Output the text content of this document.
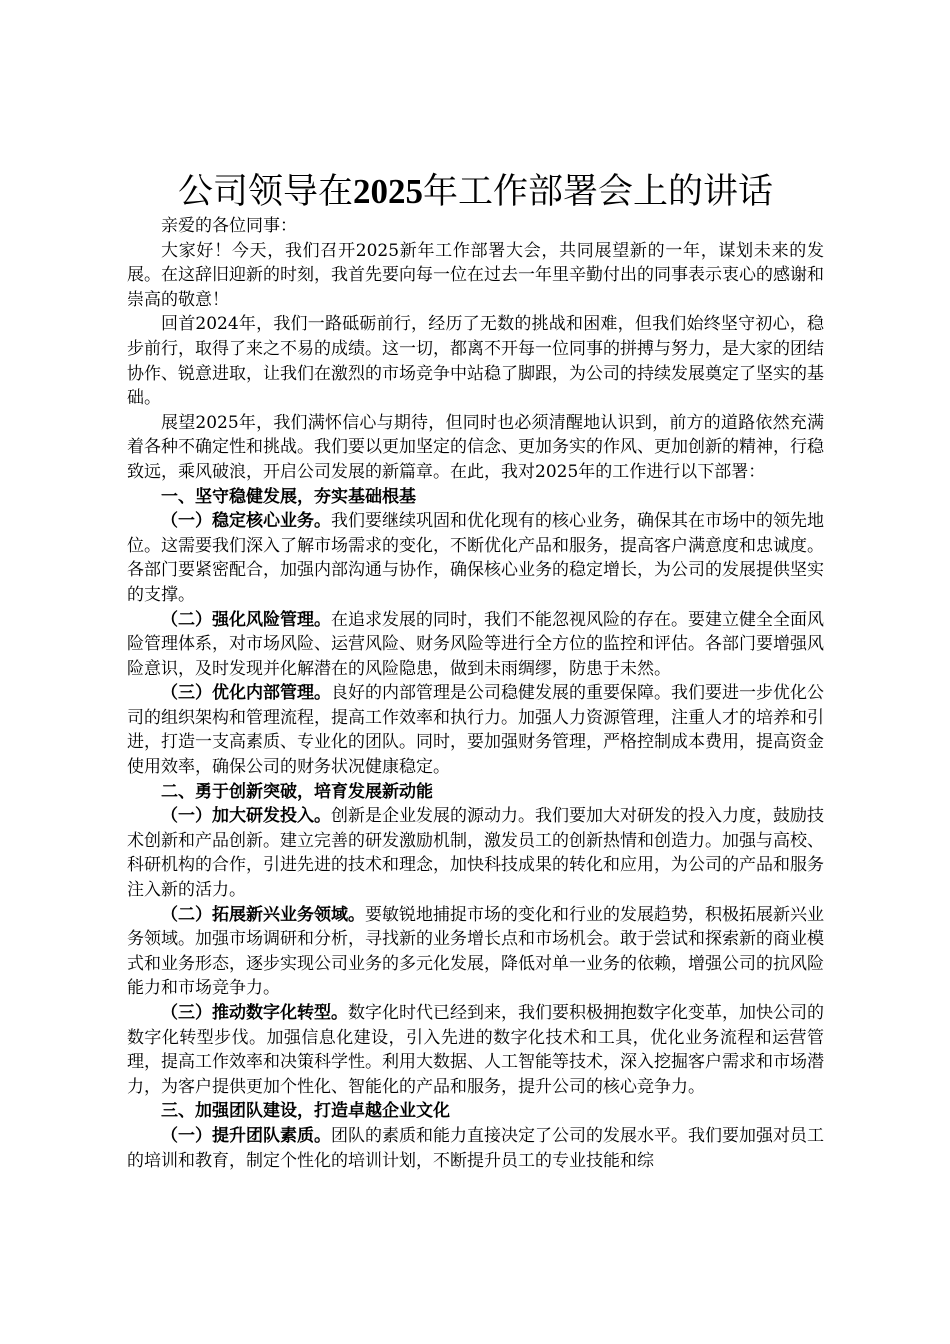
公司领导在2025年工作部署会上的讲话

亲爱的各位同事：

大家好！今天，我们召开2025新年工作部署大会，共同展望新的一年，谋划未来的发展。在这辞旧迎新的时刻，我首先要向每一位在过去一年里辛勤付出的同事表示衷心的感谢和崇高的敬意！

回首2024年，我们一路砥砺前行，经历了无数的挑战和困难，但我们始终坚守初心，稳步前行，取得了来之不易的成绩。这一切，都离不开每一位同事的拼搏与努力，是大家的团结协作、锐意进取，让我们在激烈的市场竞争中站稳了脚跟，为公司的持续发展奠定了坚实的基础。

展望2025年，我们满怀信心与期待，但同时也必须清醒地认识到，前方的道路依然充满着各种不确定性和挑战。我们要以更加坚定的信念、更加务实的作风、更加创新的精神，行稳致远，乘风破浪，开启公司发展的新篇章。在此，我对2025年的工作进行以下部署：

一、坚守稳健发展，夯实基础根基

（一）稳定核心业务。我们要继续巩固和优化现有的核心业务，确保其在市场中的领先地位。这需要我们深入了解市场需求的变化，不断优化产品和服务，提高客户满意度和忠诚度。各部门要紧密配合，加强内部沟通与协作，确保核心业务的稳定增长，为公司的发展提供坚实的支撑。

（二）强化风险管理。在追求发展的同时，我们不能忽视风险的存在。要建立健全全面风险管理体系，对市场风险、运营风险、财务风险等进行全方位的监控和评估。各部门要增强风险意识，及时发现并化解潜在的风险隐患，做到未雨绸缪，防患于未然。

（三）优化内部管理。良好的内部管理是公司稳健发展的重要保障。我们要进一步优化公司的组织架构和管理流程，提高工作效率和执行力。加强人力资源管理，注重人才的培养和引进，打造一支高素质、专业化的团队。同时，要加强财务管理，严格控制成本费用，提高资金使用效率，确保公司的财务状况健康稳定。

二、勇于创新突破，培育发展新动能

（一）加大研发投入。创新是企业发展的源动力。我们要加大对研发的投入力度，鼓励技术创新和产品创新。建立完善的研发激励机制，激发员工的创新热情和创造力。加强与高校、科研机构的合作，引进先进的技术和理念，加快科技成果的转化和应用，为公司的产品和服务注入新的活力。

（二）拓展新兴业务领域。要敏锐地捕捉市场的变化和行业的发展趋势，积极拓展新兴业务领域。加强市场调研和分析，寻找新的业务增长点和市场机会。敢于尝试和探索新的商业模式和业务形态，逐步实现公司业务的多元化发展，降低对单一业务的依赖，增强公司的抗风险能力和市场竞争力。

（三）推动数字化转型。数字化时代已经到来，我们要积极拥抱数字化变革，加快公司的数字化转型步伐。加强信息化建设，引入先进的数字化技术和工具，优化业务流程和运营管理，提高工作效率和决策科学性。利用大数据、人工智能等技术，深入挖掘客户需求和市场潜力，为客户提供更加个性化、智能化的产品和服务，提升公司的核心竞争力。

三、加强团队建设，打造卓越企业文化

（一）提升团队素质。团队的素质和能力直接决定了公司的发展水平。我们要加强对员工的培训和教育，制定个性化的培训计划，不断提升员工的专业技能和综
